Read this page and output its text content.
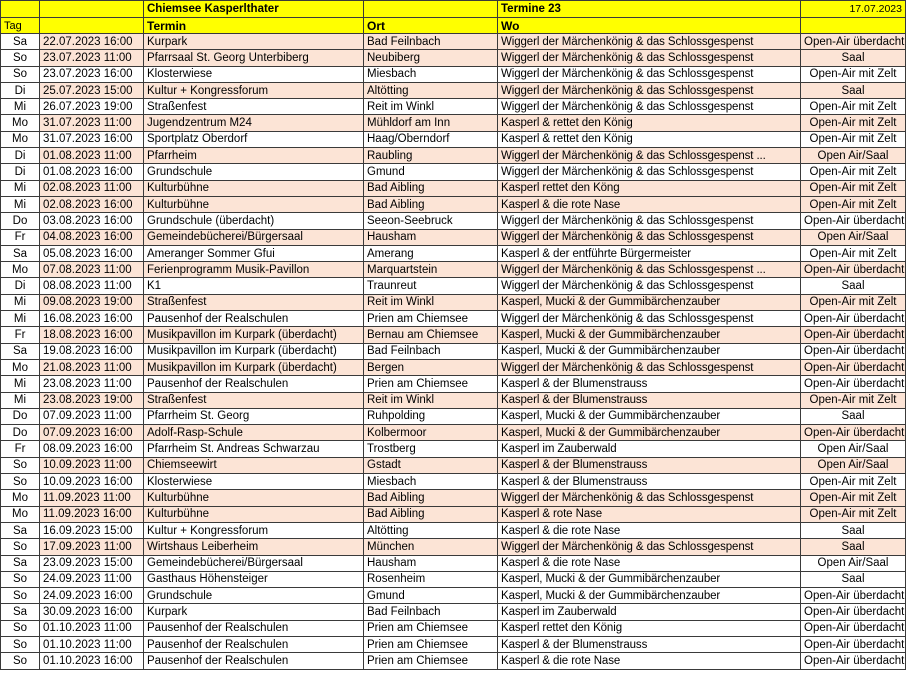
		Chiemsee Kasperlthater		Termine 23	17.07.2023
Tag		Termin	Ort	Wo	
Sa	22.07.2023 16:00	Kurpark	Bad Feilnbach	Wiggerl der Märchenkönig & das Schlossgespenst	Open-Air überdacht
So	23.07.2023 11:00	Pfarrsaal St. Georg Unterbiberg	Neubiberg	Wiggerl der Märchenkönig & das Schlossgespenst	Saal
So	23.07.2023 16:00	Klosterwiese	Miesbach	Wiggerl der Märchenkönig & das Schlossgespenst	Open-Air mit Zelt
Di	25.07.2023 15:00	Kultur + Kongressforum	Altötting	Wiggerl der Märchenkönig & das Schlossgespenst	Saal
Mi	26.07.2023 19:00	Straßenfest	Reit im Winkl	Wiggerl der Märchenkönig & das Schlossgespenst	Open-Air mit Zelt
Mo	31.07.2023 11:00	Jugendzentrum M24	Mühldorf am Inn	Kasperl & rettet den König	Open-Air mit Zelt
Mo	31.07.2023 16:00	Sportplatz Oberdorf	Haag/Oberndorf	Kasperl & rettet den König	Open-Air mit Zelt
Di	01.08.2023 11:00	Pfarrheim	Raubling	Wiggerl der Märchenkönig & das Schlossgespenst ...	Open Air/Saal
Di	01.08.2023 16:00	Grundschule	Gmund	Wiggerl der Märchenkönig & das Schlossgespenst	Open-Air mit Zelt
Mi	02.08.2023 11:00	Kulturbühne	Bad Aibling	Kasperl rettet den Köng	Open-Air mit Zelt
Mi	02.08.2023 16:00	Kulturbühne	Bad Aibling	Kasperl & die rote Nase	Open-Air mit Zelt
Do	03.08.2023 16:00	Grundschule (überdacht)	Seeon-Seebruck	Wiggerl der Märchenkönig & das Schlossgespenst	Open-Air überdacht
Fr	04.08.2023 16:00	Gemeindebücherei/Bürgersaal	Hausham	Wiggerl der Märchenkönig & das Schlossgespenst	Open Air/Saal
Sa	05.08.2023 16:00	Ameranger Sommer Gfui	Amerang	Kasperl & der entführte Bürgermeister	Open-Air mit Zelt
Mo	07.08.2023 11:00	Ferienprogramm Musik-Pavillon	Marquartstein	Wiggerl der Märchenkönig & das Schlossgespenst ...	Open-Air überdacht
Di	08.08.2023 11:00	K1	Traunreut	Wiggerl der Märchenkönig & das Schlossgespenst	Saal
Mi	09.08.2023 19:00	Straßenfest	Reit im Winkl	Kasperl, Mucki & der Gummibärchenzauber	Open-Air mit Zelt
Mi	16.08.2023 16:00	Pausenhof der Realschulen	Prien am Chiemsee	Wiggerl der Märchenkönig & das Schlossgespenst	Open-Air überdacht
Fr	18.08.2023 16:00	Musikpavillon im Kurpark (überdacht)	Bernau am Chiemsee	Kasperl, Mucki & der Gummibärchenzauber	Open-Air überdacht
Sa	19.08.2023 16:00	Musikpavillon im Kurpark (überdacht)	Bad Feilnbach	Kasperl, Mucki & der Gummibärchenzauber	Open-Air überdacht
Mo	21.08.2023 11:00	Musikpavillon im Kurpark (überdacht)	Bergen	Wiggerl der Märchenkönig & das Schlossgespenst	Open-Air überdacht
Mi	23.08.2023 11:00	Pausenhof der Realschulen	Prien am Chiemsee	Kasperl & der Blumenstrauss	Open-Air überdacht
Mi	23.08.2023 19:00	Straßenfest	Reit im Winkl	Kasperl & der Blumenstrauss	Open-Air mit Zelt
Do	07.09.2023 11:00	Pfarrheim St. Georg	Ruhpolding	Kasperl, Mucki & der Gummibärchenzauber	Saal
Do	07.09.2023 16:00	Adolf-Rasp-Schule	Kolbermoor	Kasperl, Mucki & der Gummibärchenzauber	Open-Air überdacht
Fr	08.09.2023 16:00	Pfarrheim St. Andreas Schwarzau	Trostberg	Kasperl im Zauberwald	Open Air/Saal
So	10.09.2023 11:00	Chiemseewirt	Gstadt	Kasperl & der Blumenstrauss	Open Air/Saal
So	10.09.2023 16:00	Klosterwiese	Miesbach	Kasperl & der Blumenstrauss	Open-Air mit Zelt
Mo	11.09.2023 11:00	Kulturbühne	Bad Aibling	Wiggerl der Märchenkönig & das Schlossgespenst	Open-Air mit Zelt
Mo	11.09.2023 16:00	Kulturbühne	Bad Aibling	Kasperl & rote Nase	Open-Air mit Zelt
Sa	16.09.2023 15:00	Kultur + Kongressforum	Altötting	Kasperl & die rote Nase	Saal
So	17.09.2023 11:00	Wirtshaus Leiberheim	München	Wiggerl der Märchenkönig & das Schlossgespenst	Saal
Sa	23.09.2023 15:00	Gemeindebücherei/Bürgersaal	Hausham	Kasperl & die rote Nase	Open Air/Saal
So	24.09.2023 11:00	Gasthaus Höhensteiger	Rosenheim	Kasperl, Mucki & der Gummibärchenzauber	Saal
So	24.09.2023 16:00	Grundschule	Gmund	Kasperl, Mucki & der Gummibärchenzauber	Open-Air überdacht
Sa	30.09.2023 16:00	Kurpark	Bad Feilnbach	Kasperl im Zauberwald	Open-Air überdacht
So	01.10.2023 11:00	Pausenhof der Realschulen	Prien am Chiemsee	Kasperl rettet den König	Open-Air überdacht
So	01.10.2023 11:00	Pausenhof der Realschulen	Prien am Chiemsee	Kasperl & der Blumenstrauss	Open-Air überdacht
So	01.10.2023 16:00	Pausenhof der Realschulen	Prien am Chiemsee	Kasperl & die rote Nase	Open-Air überdacht
